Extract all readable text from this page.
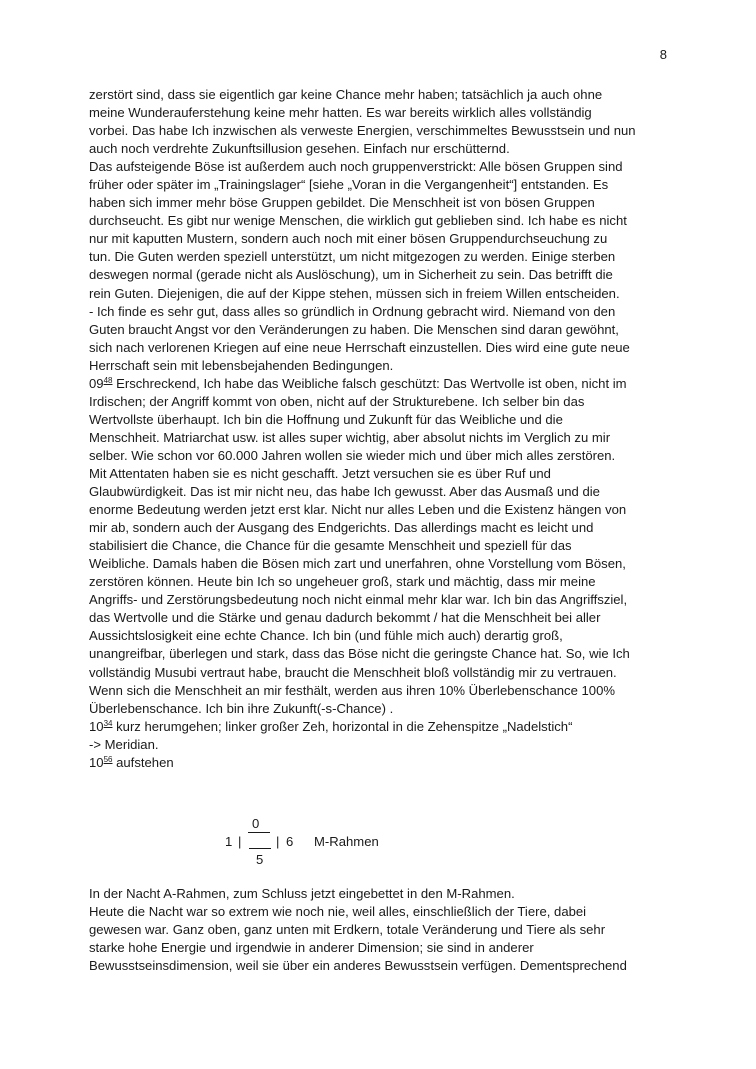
8
zerstört sind, dass sie eigentlich gar keine Chance mehr haben; tatsächlich ja auch ohne
meine Wunderauferstehung keine mehr hatten. Es war bereits wirklich alles vollständig
vorbei. Das habe Ich inzwischen als verweste Energien, verschimmeltes Bewusstsein und nun
auch noch verdrehte Zukunftsillusion gesehen. Einfach nur erschütternd.
Das aufsteigende Böse ist außerdem auch noch gruppenverstrickt: Alle bösen Gruppen sind
früher oder später im „Trainingslager“ [siehe „Voran in die Vergangenheit“] entstanden. Es
haben sich immer mehr böse Gruppen gebildet. Die Menschheit ist von bösen Gruppen
durchseucht. Es gibt nur wenige Menschen, die wirklich gut geblieben sind. Ich habe es nicht
nur mit kaputten Mustern, sondern auch noch mit einer bösen Gruppendurchseuchung zu
tun. Die Guten werden speziell unterstützt, um nicht mitgezogen zu werden. Einige sterben
deswegen normal (gerade nicht als Auslöschung), um in Sicherheit zu sein. Das betrifft die
rein Guten. Diejenigen, die auf der Kippe stehen, müssen sich in freiem Willen entscheiden.
- Ich finde es sehr gut, dass alles so gründlich in Ordnung gebracht wird. Niemand von den
Guten braucht Angst vor den Veränderungen zu haben. Die Menschen sind daran gewöhnt,
sich nach verlorenen Kriegen auf eine neue Herrschaft einzustellen. Dies wird eine gute neue
Herrschaft sein mit lebensbejahenden Bedingungen.
$09^{48}$ Erschreckend, Ich habe das Weibliche falsch geschützt: Das Wertvolle ist oben, nicht im
Irdischen; der Angriff kommt von oben, nicht auf der Strukturebene. Ich selber bin das
Wertvollste überhaupt. Ich bin die Hoffnung und Zukunft für das Weibliche und die
Menschheit. Matriarchat usw. ist alles super wichtig, aber absolut nichts im Verglich zu mir
selber. Wie schon vor 60.000 Jahren wollen sie wieder mich und über mich alles zerstören.
Mit Attentaten haben sie es nicht geschafft. Jetzt versuchen sie es über Ruf und
Glaubwürdigkeit. Das ist mir nicht neu, das habe Ich gewusst. Aber das Ausmaß und die
enorme Bedeutung werden jetzt erst klar. Nicht nur alles Leben und die Existenz hängen von
mir ab, sondern auch der Ausgang des Endgerichts. Das allerdings macht es leicht und
stabilisiert die Chance, die Chance für die gesamte Menschheit und speziell für das
Weibliche. Damals haben die Bösen mich zart und unerfahren, ohne Vorstellung vom Bösen,
zerstören können. Heute bin Ich so ungeheuer groß, stark und mächtig, dass mir meine
Angriffs- und Zerstörungsbedeutung noch nicht einmal mehr klar war. Ich bin das Angriffsziel,
das Wertvolle und die Stärke und genau dadurch bekommt / hat die Menschheit bei aller
Aussichtslosigkeit eine echte Chance. Ich bin (und fühle mich auch) derartig groß,
unangreifbar, überlegen und stark, dass das Böse nicht die geringste Chance hat. So, wie Ich
vollständig Musubi vertraut habe, braucht die Menschheit bloß vollständig mir zu vertrauen.
Wenn sich die Menschheit an mir festhält, werden aus ihren 10% Überlebenschance 100%
Überlebenschance. Ich bin ihre Zukunft(-s-Chance) .
$10^{34}$ kurz herumgehen; linker großer Zeh, horizontal in die Zehenspitze „Nadelstich“
-> Meridian.
$10^{56}$ aufstehen
0
1 |	| 6 M-Rahmen
5
In der Nacht A-Rahmen, zum Schluss jetzt eingebettet in den M-Rahmen.
Heute die Nacht war so extrem wie noch nie, weil alles, einschließlich der Tiere, dabei
gewesen war. Ganz oben, ganz unten mit Erdkern, totale Veränderung und Tiere als sehr
starke hohe Energie und irgendwie in anderer Dimension; sie sind in anderer
Bewusstseinsdimension, weil sie über ein anderes Bewusstsein verfügen. Dementsprechend
